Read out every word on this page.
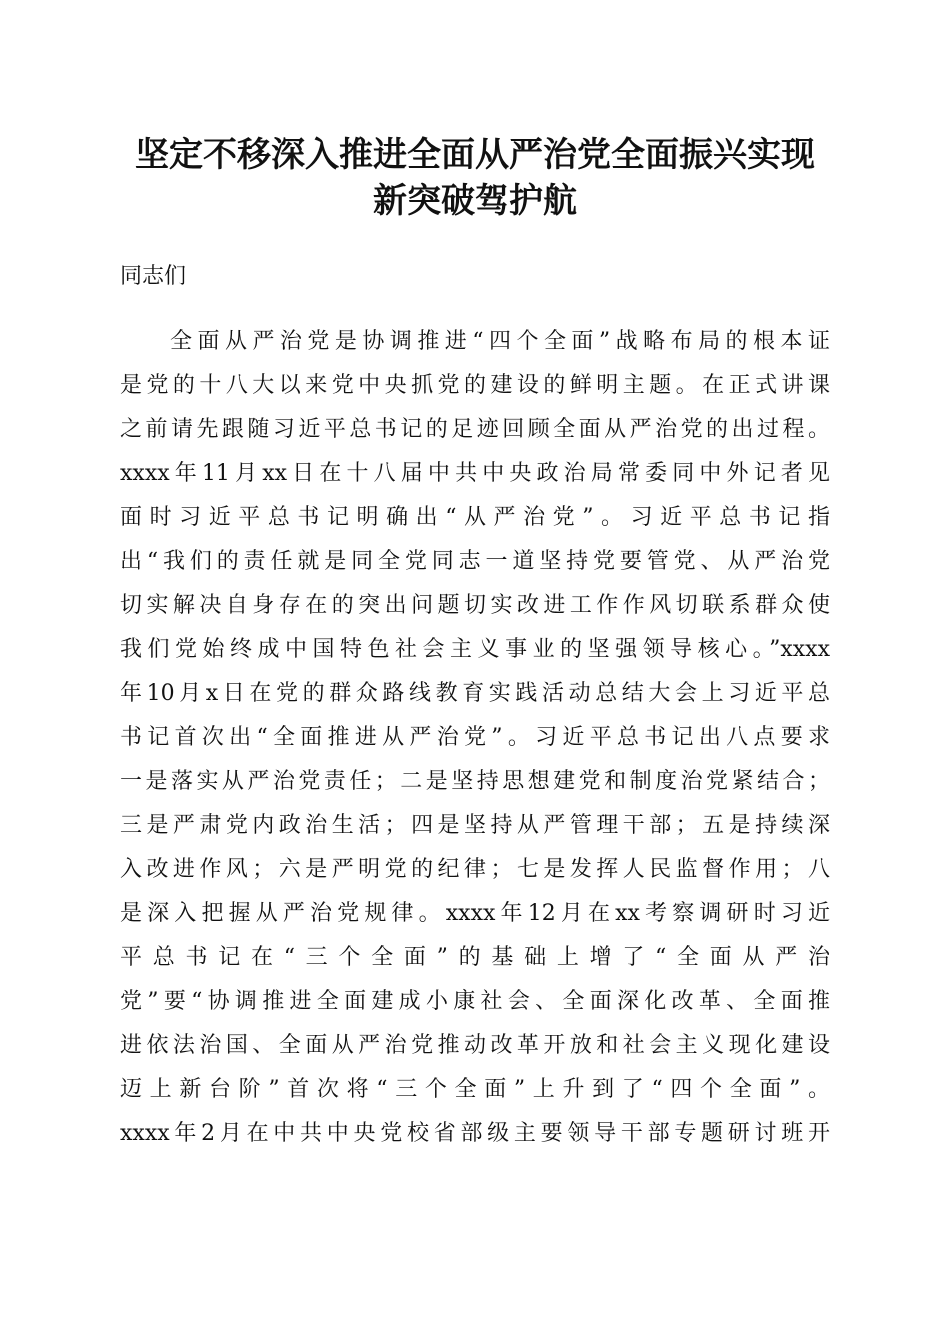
坚定不移深入推进全面从严治党全面振兴实现
新突破驾护航
同志们
全面从严治党是协调推进“四个全面”战略布局的根本证
是党的十八大以来党中央抓党的建设的鲜明主题。在正式讲课
之前请先跟随习近平总书记的足迹回顾全面从严治党的出过程。
xxxx年11月xx日在十八届中共中央政治局常委同中外记者见
面时习近平总书记明确出“从严治党”。习近平总书记指
出“我们的责任就是同全党同志一道坚持党要管党、从严治党
切实解决自身存在的突出问题切实改进工作作风切联系群众使
我们党始终成中国特色社会主义事业的坚强领导核心。”xxxx
年10月x日在党的群众路线教育实践活动总结大会上习近平总
书记首次出“全面推进从严治党”。习近平总书记出八点要求
一是落实从严治党责任；二是坚持思想建党和制度治党紧结合；
三是严肃党内政治生活；四是坚持从严管理干部；五是持续深
入改进作风；六是严明党的纪律；七是发挥人民监督作用；八
是深入把握从严治党规律。xxxx年12月在xx考察调研时习近
平总书记在“三个全面”的基础上增了“全面从严治
党”要“协调推进全面建成小康社会、全面深化改革、全面推
进依法治国、全面从严治党推动改革开放和社会主义现化建设
迈上新台阶”首次将“三个全面”上升到了“四个全面”。
xxxx年2月在中共中央党校省部级主要领导干部专题研讨班开
